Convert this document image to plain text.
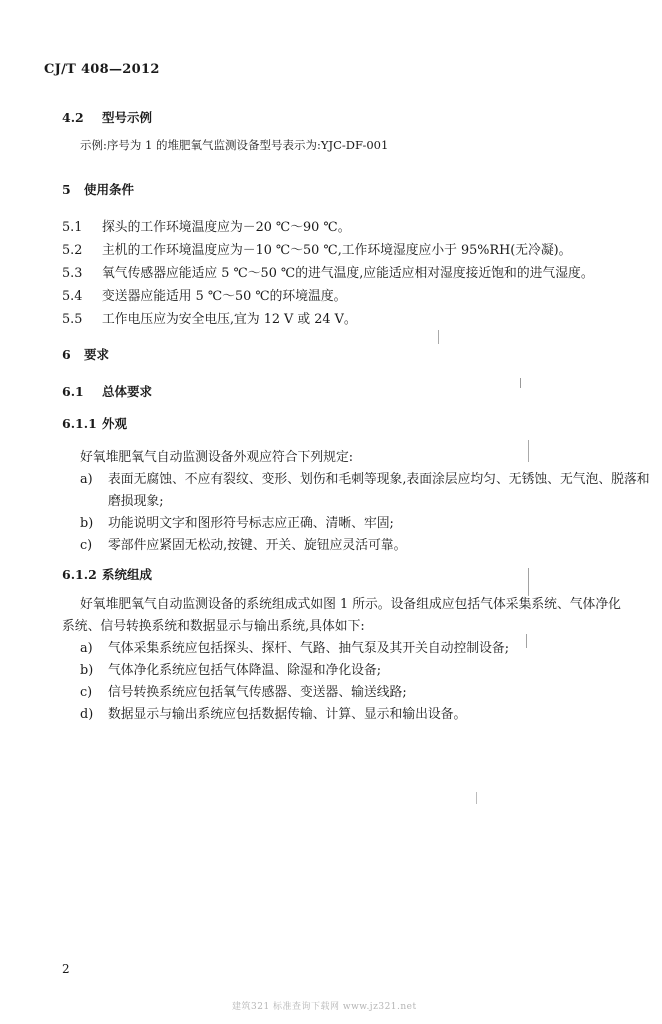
CJ/T 408—2012
4.2 型号示例
示例:序号为 1 的堆肥氧气监测设备型号表示为:YJC-DF-001
5 使用条件
5.1 探头的工作环境温度应为－20 ℃～90 ℃。
5.2 主机的工作环境温度应为－10 ℃～50 ℃,工作环境湿度应小于 95%RH(无冷凝)。
5.3 氧气传感器应能适应 5 ℃～50 ℃的进气温度,应能适应相对湿度接近饱和的进气湿度。
5.4 变送器应能适用 5 ℃～50 ℃的环境温度。
5.5 工作电压应为安全电压,宜为 12 V 或 24 V。
6 要求
6.1 总体要求
6.1.1 外观
好氧堆肥氧气自动监测设备外观应符合下列规定:
a) 表面无腐蚀、不应有裂纹、变形、划伤和毛刺等现象,表面涂层应均匀、无锈蚀、无气泡、脱落和
磨损现象;
b) 功能说明文字和图形符号标志应正确、清晰、牢固;
c) 零部件应紧固无松动,按键、开关、旋钮应灵活可靠。
6.1.2 系统组成
好氧堆肥氧气自动监测设备的系统组成式如图 1 所示。设备组成应包括气体采集系统、气体净化
系统、信号转换系统和数据显示与输出系统,具体如下:
a) 气体采集系统应包括探头、探杆、气路、抽气泵及其开关自动控制设备;
b) 气体净化系统应包括气体降温、除湿和净化设备;
c) 信号转换系统应包括氧气传感器、变送器、输送线路;
d) 数据显示与输出系统应包括数据传输、计算、显示和输出设备。
2
建筑321 标准查询下载网 www.jz321.net
